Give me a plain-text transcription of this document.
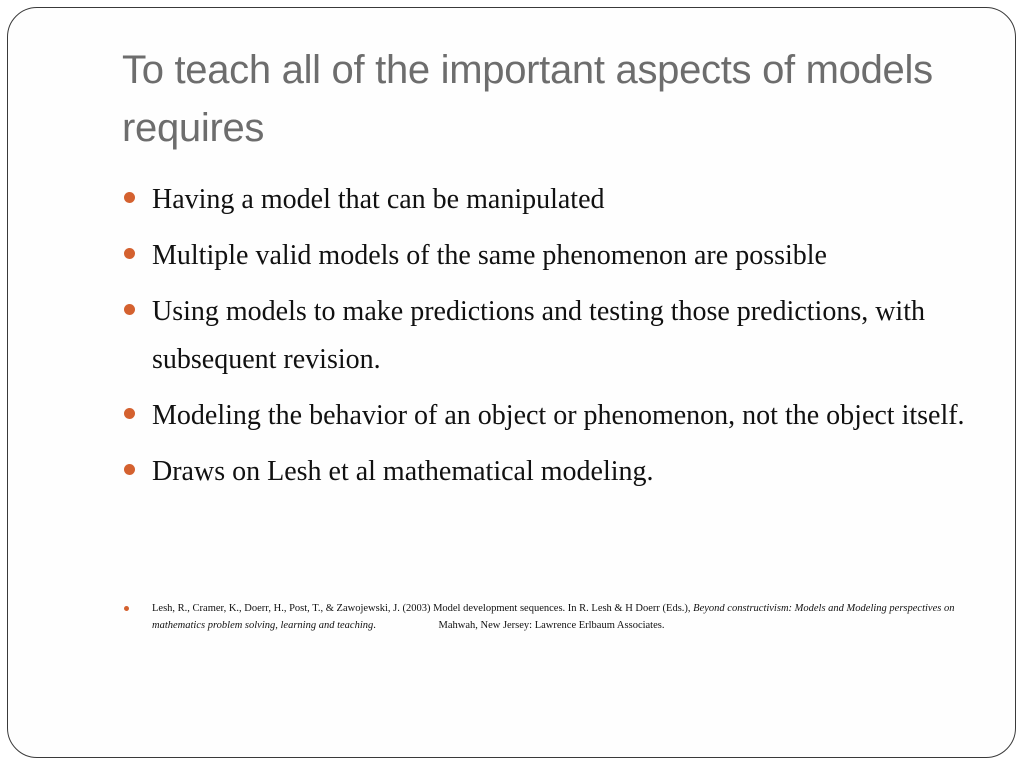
To teach all of the important aspects of models requires
Having a model that can be manipulated
Multiple valid models of the same phenomenon are possible
Using models to make predictions and testing those predictions, with subsequent revision.
Modeling the behavior of an object or phenomenon, not the object itself.
Draws on Lesh et al mathematical modeling.
Lesh, R., Cramer, K., Doerr, H., Post, T., & Zawojewski, J. (2003) Model development sequences. In R. Lesh & H Doerr (Eds.), Beyond constructivism: Models and Modeling perspectives on mathematics problem solving, learning and teaching.	Mahwah, New Jersey: Lawrence Erlbaum Associates.
